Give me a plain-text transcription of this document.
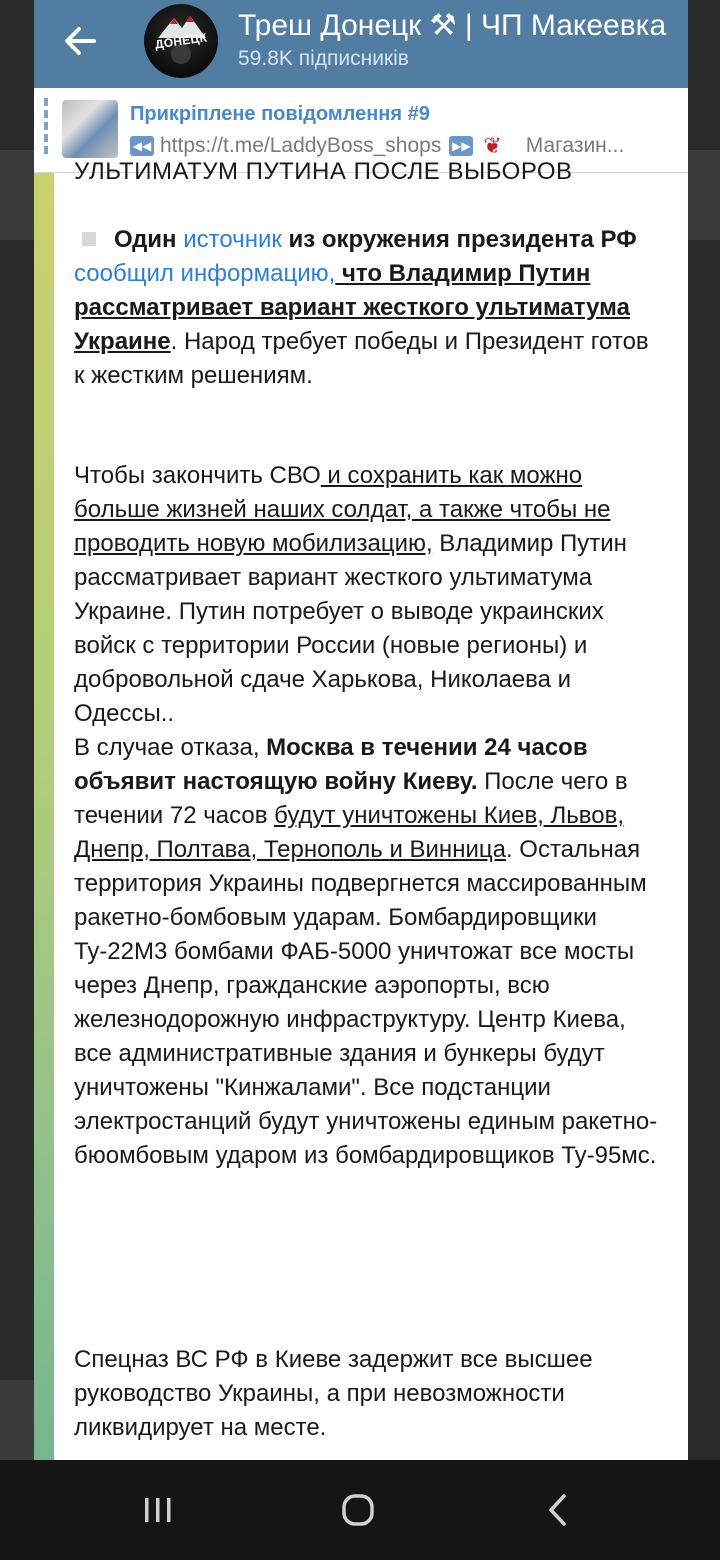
ДОНЕЦК	Треш Донецк ⚒ | ЧП Макеевка
59.8K підписників
Прикріплене повідомлення #9
◀◀ https://t.me/LaddyBoss_shops ▶▶ ❦ Магазин...
УЛЬТИМАТУМ ПУТИНА ПОСЛЕ ВЫБОРОВ

Один источник из окружения президента РФ сообщил информацию, что Владимир Путин рассматривает вариант жесткого ультиматума Украине. Народ требует победы и Президент готов к жестким решениям.

Чтобы закончить СВО и сохранить как можно больше жизней наших солдат, а также чтобы не проводить новую мобилизацию, Владимир Путин рассматривает вариант жесткого ультиматума Украине. Путин потребует о выводе украинских войск с территории России (новые регионы) и добровольной сдаче Харькова, Николаева и Одессы..
В случае отказа, Москва в течении 24 часов объявит настоящую войну Киеву. После чего в течении 72 часов будут уничтожены Киев, Львов, Днепр, Полтава, Тернополь и Винница. Остальная территория Украины подвергнется массированным ракетно-бомбовым ударам. Бомбардировщики Ту-22М3 бомбами ФАБ-5000 уничтожат все мосты через Днепр, гражданские аэропорты, всю железнодорожную инфраструктуру. Центр Киева, все административные здания и бункеры будут уничтожены "Кинжалами". Все подстанции электростанций будут уничтожены единым ракетно-бюомбовым ударом из бомбардировщиков Ту-95мс.

Спецназ ВС РФ в Киеве задержит все высшее руководство Украины, а при невозможности ликвидирует на месте.
